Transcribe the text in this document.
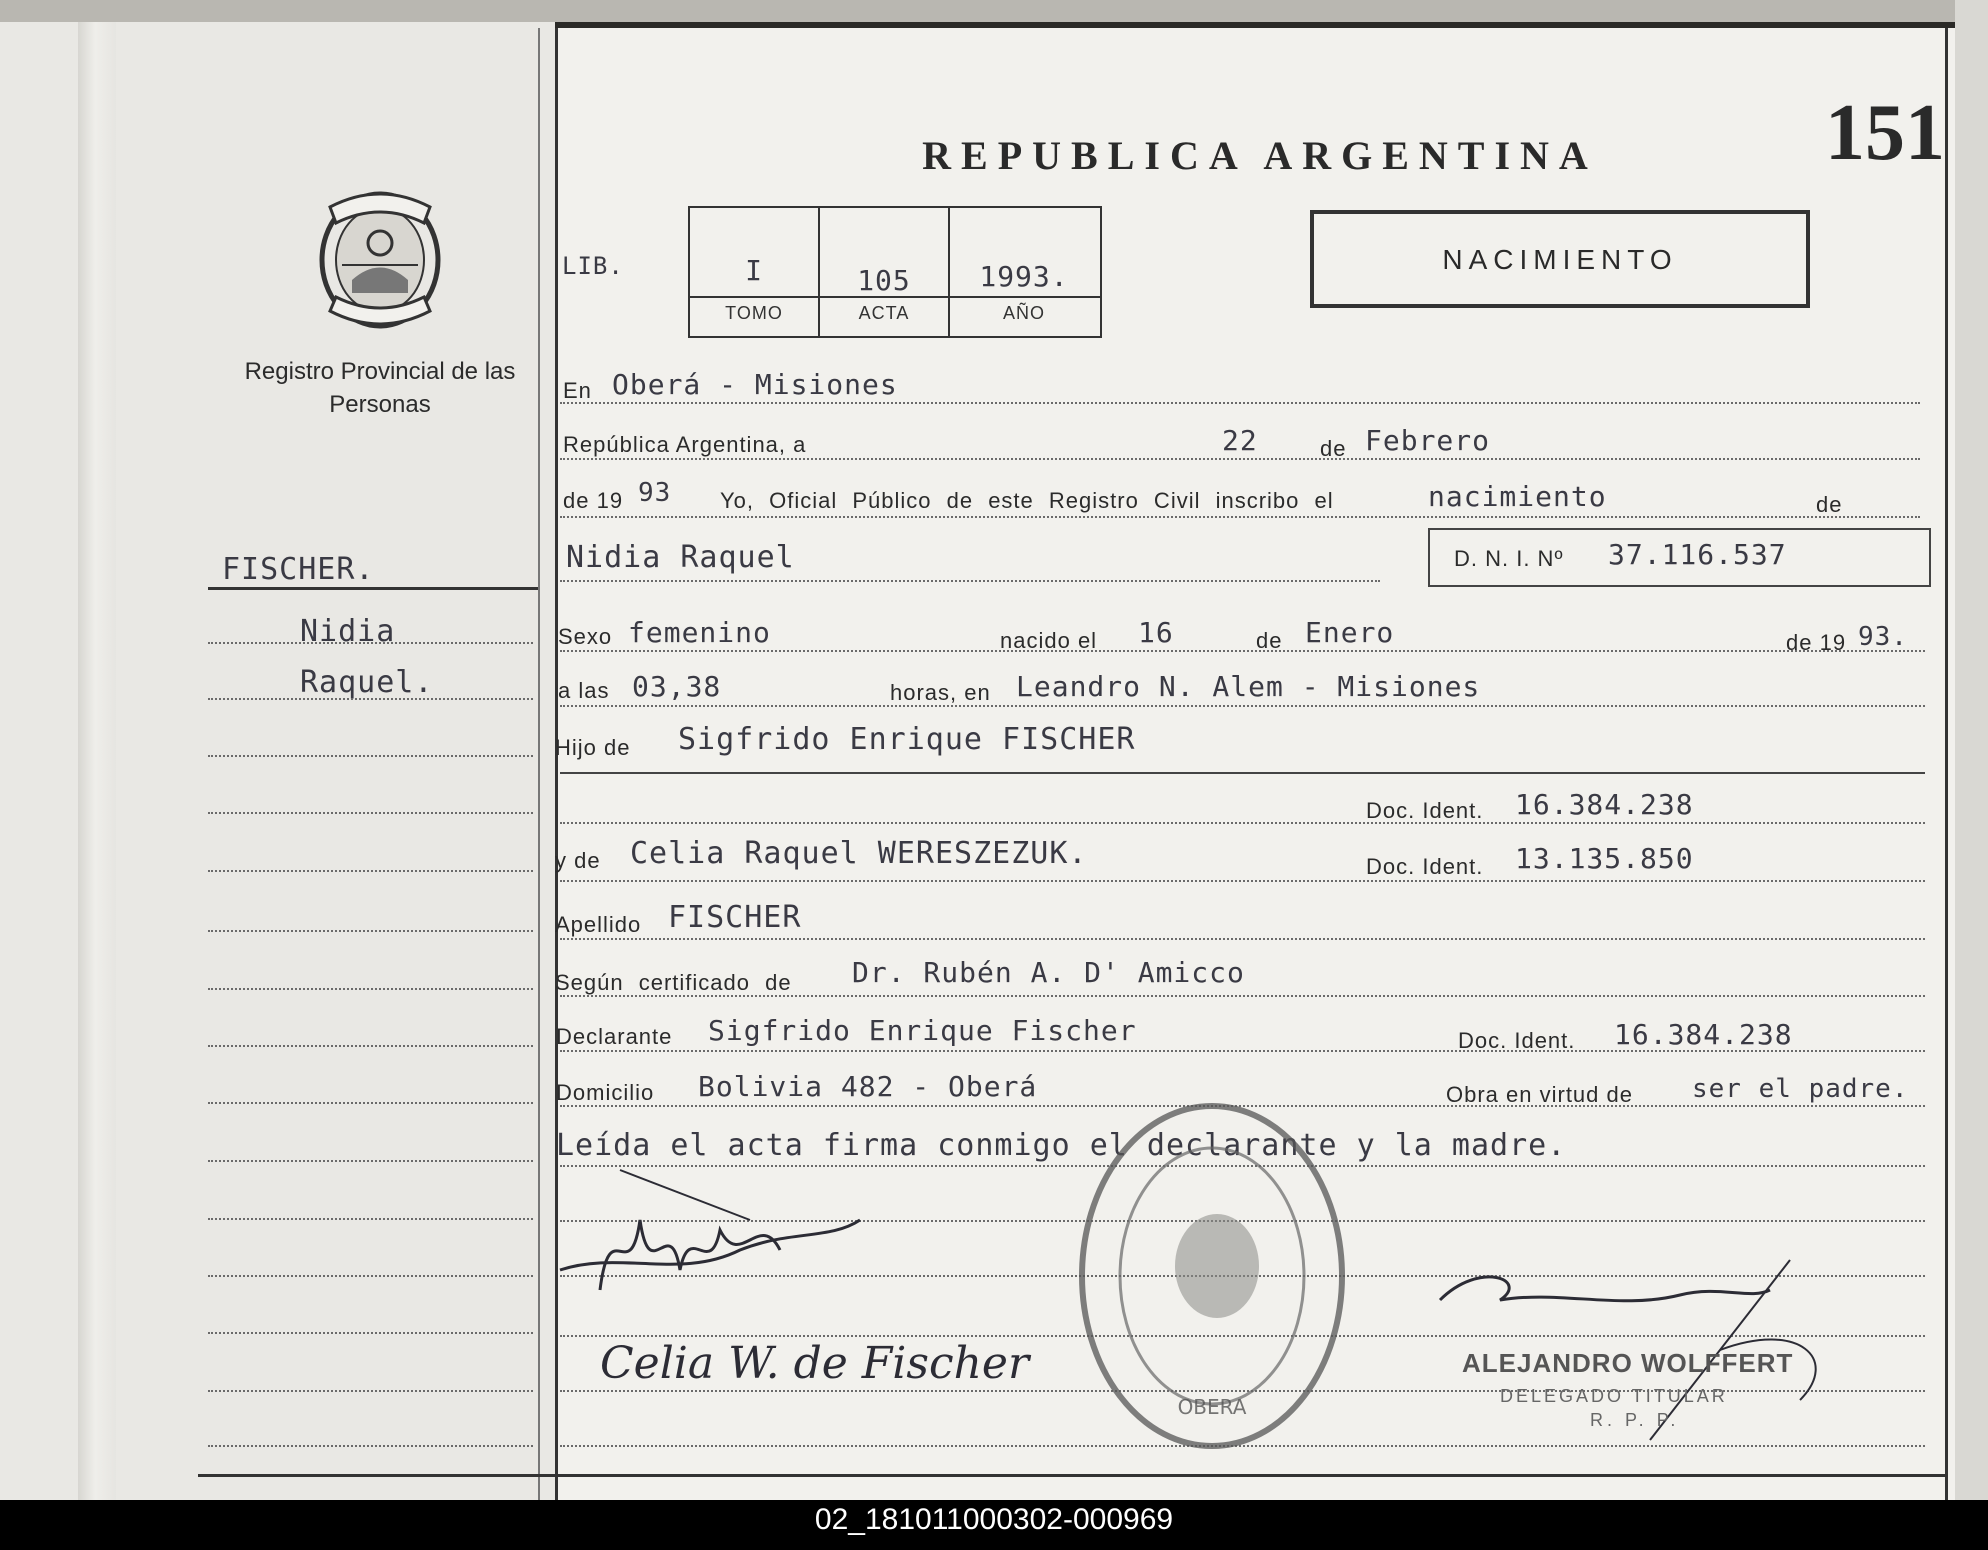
REPUBLICA ARGENTINA	151
NACIMIENTO
Registro Provincial de las Personas
LIB.	I	105	1993.
TOMO	ACTA	AÑO
FISCHER.
Nidia
Raquel.
En Oberá - Misiones
República Argentina, a	22	de Febrero
de 19 93 Yo, Oficial Público de este Registro Civil inscribo el	nacimiento	de
Nidia Raquel	D. N. I. Nº 37.116.537
Sexo femenino	nacido el 16	de Enero	de 19 93.
a las 03,38	horas, en Leandro N. Alem - Misiones
Hijo de Sigfrido Enrique FISCHER
Doc. Ident. 16.384.238
y de Celia Raquel WERESZEZUK.	Doc. Ident. 13.135.850
Apellido FISCHER
Según certificado de Dr. Rubén A. D' Amicco
Declarante Sigfrido Enrique Fischer	Doc. Ident. 16.384.238
Domicilio Bolivia 482 - Oberá	Obra en virtud de ser el padre.
Leída el acta firma conmigo el declarante y la madre.
OBERA
Celia W. de Fischer	ALEJANDRO WOLFFERT
DELEGADO TITULAR
R. P. P.
02_181011000302-000969
